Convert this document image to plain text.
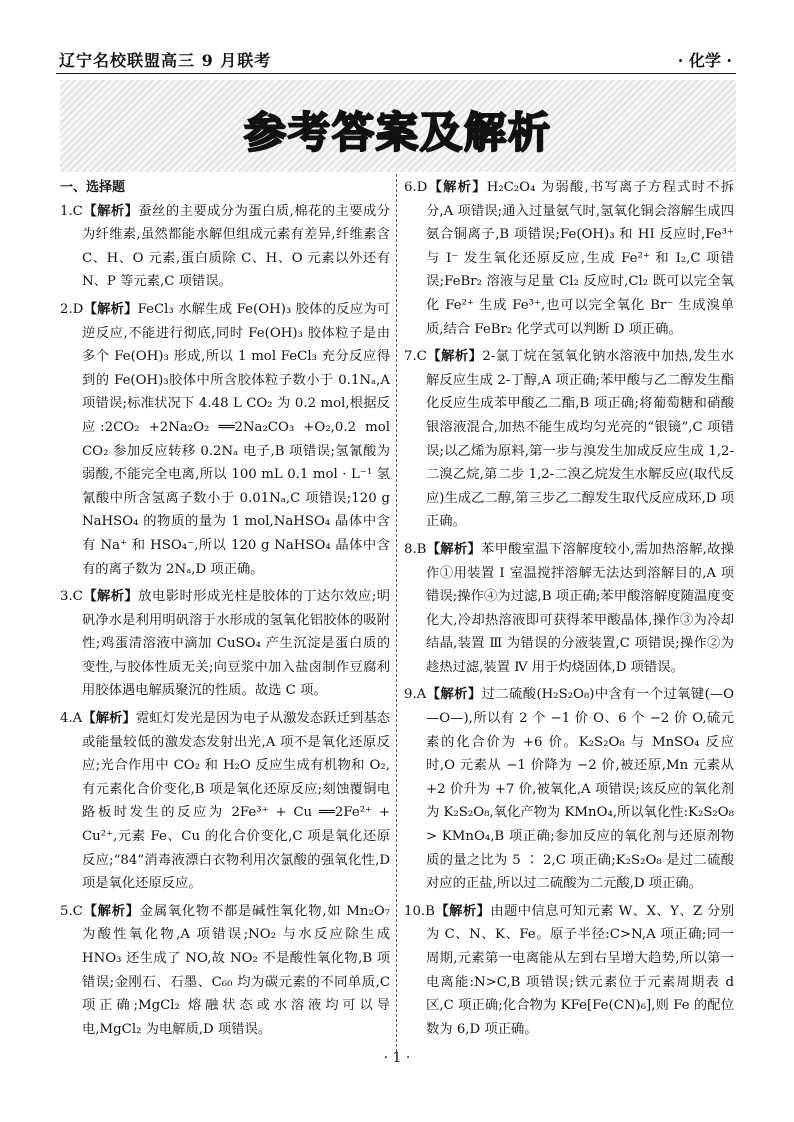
辽宁名校联盟高三 9 月联考	· 化学 ·
参考答案及解析
一、选择题
1.C【解析】蚕丝的主要成分为蛋白质,棉花的主要成分为纤维素,虽然都能水解但组成元素有差异,纤维素含 C、H、O 元素,蛋白质除 C、H、O 元素以外还有 N、P 等元素,C 项错误。
2.D【解析】FeCl₃ 水解生成 Fe(OH)₃ 胶体的反应为可逆反应,不能进行彻底,同时 Fe(OH)₃ 胶体粒子是由多个 Fe(OH)₃ 形成,所以 1 mol FeCl₃ 充分反应得到的 Fe(OH)₃胶体中所含胶体粒子数小于 0.1Nₐ,A 项错误;标准状况下 4.48 L CO₂ 为 0.2 mol,根据反应:2CO₂ +2Na₂O₂ ══2Na₂CO₃ +O₂,0.2 mol CO₂ 参加反应转移 0.2Nₐ 电子,B 项错误;氢氰酸为弱酸,不能完全电离,所以 100 mL 0.1 mol · L⁻¹ 氢氰酸中所含氢离子数小于 0.01Nₐ,C 项错误;120 g NaHSO₄ 的物质的量为 1 mol,NaHSO₄ 晶体中含有 Na⁺ 和 HSO₄⁻,所以 120 g NaHSO₄ 晶体中含有的离子数为 2Nₐ,D 项正确。
3.C【解析】放电影时形成光柱是胶体的丁达尔效应;明矾净水是利用明矾溶于水形成的氢氧化铝胶体的吸附性;鸡蛋清溶液中滴加 CuSO₄ 产生沉淀是蛋白质的变性,与胶体性质无关;向豆浆中加入盐卤制作豆腐利用胶体遇电解质聚沉的性质。故选 C 项。
4.A【解析】霓虹灯发光是因为电子从激发态跃迁到基态或能量较低的激发态发射出光,A 项不是氧化还原反应;光合作用中 CO₂ 和 H₂O 反应生成有机物和 O₂,有元素化合价变化,B 项是氧化还原反应;刻蚀覆铜电路板时发生的反应为 2Fe³⁺ + Cu ══2Fe²⁺ + Cu²⁺,元素 Fe、Cu 的化合价变化,C 项是氧化还原反应;“84”消毒液漂白衣物利用次氯酸的强氧化性,D 项是氧化还原反应。
5.C【解析】金属氧化物不都是碱性氧化物,如 Mn₂O₇ 为酸性氧化物,A 项错误;NO₂ 与水反应除生成 HNO₃ 还生成了 NO,故 NO₂ 不是酸性氧化物,B 项错误;金刚石、石墨、C₆₀ 均为碳元素的不同单质,C 项正确;MgCl₂ 熔融状态或水溶液均可以导电,MgCl₂ 为电解质,D 项错误。
6.D【解析】H₂C₂O₄ 为弱酸,书写离子方程式时不拆分,A 项错误;通入过量氨气时,氢氧化铜会溶解生成四氨合铜离子,B 项错误;Fe(OH)₃ 和 HI 反应时,Fe³⁺ 与 I⁻ 发生氧化还原反应,生成 Fe²⁺ 和 I₂,C 项错误;FeBr₂ 溶液与足量 Cl₂ 反应时,Cl₂ 既可以完全氧化 Fe²⁺ 生成 Fe³⁺,也可以完全氧化 Br⁻ 生成溴单质,结合 FeBr₂ 化学式可以判断 D 项正确。
7.C【解析】2-氯丁烷在氢氧化钠水溶液中加热,发生水解反应生成 2-丁醇,A 项正确;苯甲酸与乙二醇发生酯化反应生成苯甲酸乙二酯,B 项正确;将葡萄糖和硝酸银溶液混合,加热不能生成均匀光亮的“银镜”,C 项错误;以乙烯为原料,第一步与溴发生加成反应生成 1,2-二溴乙烷,第二步 1,2-二溴乙烷发生水解反应(取代反应)生成乙二醇,第三步乙二醇发生取代反应成环,D 项正确。
8.B【解析】苯甲酸室温下溶解度较小,需加热溶解,故操作①用装置 Ⅰ 室温搅拌溶解无法达到溶解目的,A 项错误;操作④为过滤,B 项正确;苯甲酸溶解度随温度变化大,冷却热溶液即可获得苯甲酸晶体,操作③为冷却结晶,装置 Ⅲ 为错误的分液装置,C 项错误;操作②为趁热过滤,装置 Ⅳ 用于灼烧固体,D 项错误。
9.A【解析】过二硫酸(H₂S₂O₈)中含有一个过氧键(—O—O—),所以有 2 个 −1 价 O、6 个 −2 价 O,硫元素的化合价为 +6 价。K₂S₂O₈ 与 MnSO₄ 反应时,O 元素从 −1 价降为 −2 价,被还原,Mn 元素从 +2 价升为 +7 价,被氧化,A 项错误;该反应的氧化剂为 K₂S₂O₈,氧化产物为 KMnO₄,所以氧化性:K₂S₂O₈ > KMnO₄,B 项正确;参加反应的氧化剂与还原剂物质的量之比为 5 ∶ 2,C 项正确;K₂S₂O₈ 是过二硫酸对应的正盐,所以过二硫酸为二元酸,D 项正确。
10.B【解析】由题中信息可知元素 W、X、Y、Z 分别为 C、N、K、Fe。原子半径:C>N,A 项正确;同一周期,元素第一电离能从左到右呈增大趋势,所以第一电离能:N>C,B 项错误;铁元素位于元素周期表 d 区,C 项正确;化合物为 KFe[Fe(CN)₆],则 Fe 的配位数为 6,D 项正确。
· 1 ·
